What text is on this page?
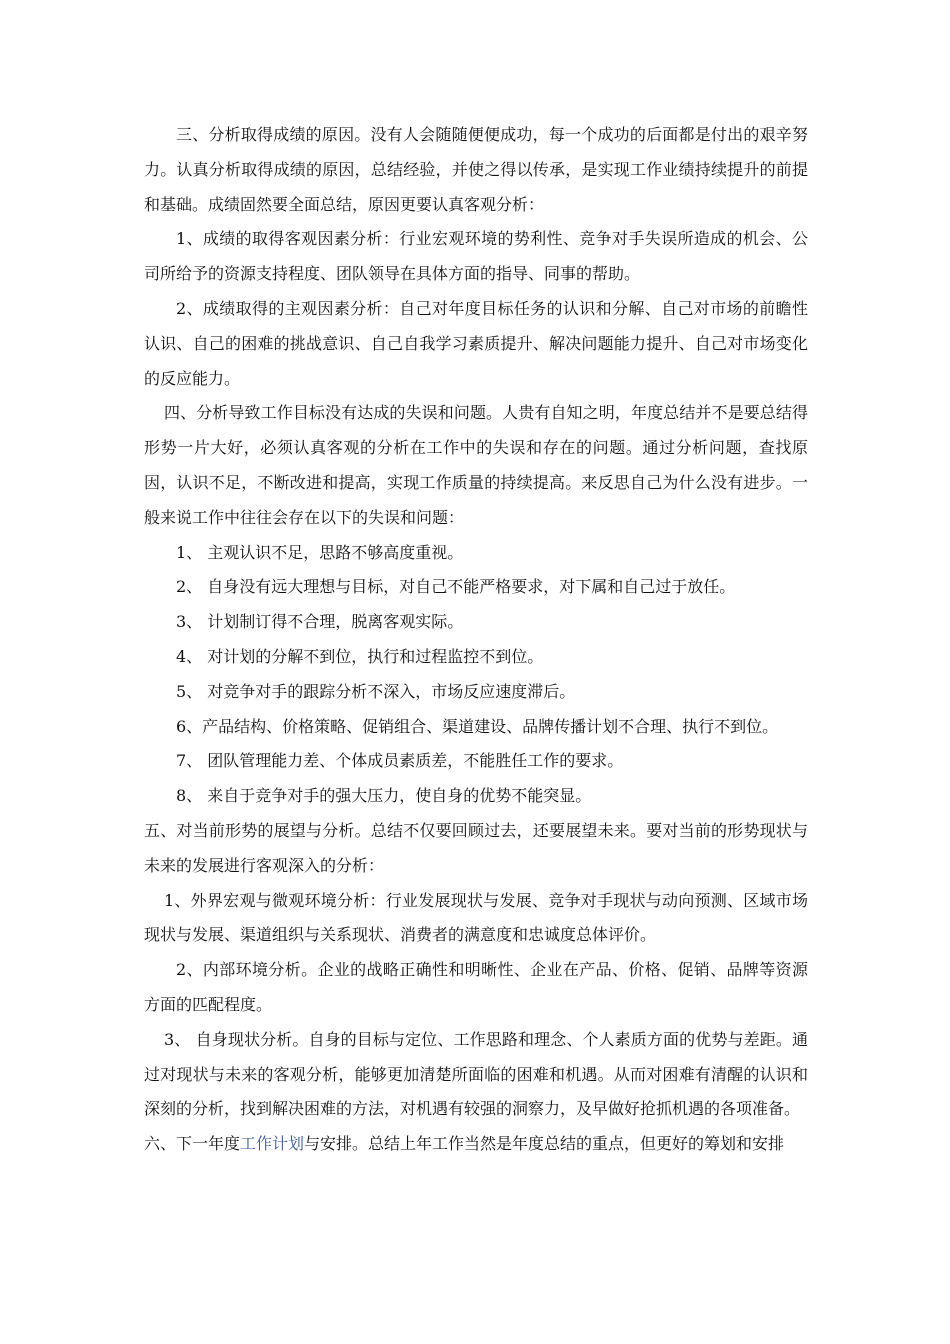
三、分析取得成绩的原因。没有人会随随便便成功，每一个成功的后面都是付出的艰辛努力。认真分析取得成绩的原因，总结经验，并使之得以传承，是实现工作业绩持续提升的前提和基础。成绩固然要全面总结，原因更要认真客观分析：

1、成绩的取得客观因素分析：行业宏观环境的势利性、竞争对手失误所造成的机会、公司所给予的资源支持程度、团队领导在具体方面的指导、同事的帮助。

2、成绩取得的主观因素分析：自己对年度目标任务的认识和分解、自己对市场的前瞻性认识、自己的困难的挑战意识、自己自我学习素质提升、解决问题能力提升、自己对市场变化的反应能力。

四、分析导致工作目标没有达成的失误和问题。人贵有自知之明，年度总结并不是要总结得形势一片大好，必须认真客观的分析在工作中的失误和存在的问题。通过分析问题，查找原因，认识不足，不断改进和提高，实现工作质量的持续提高。来反思自己为什么没有进步。一般来说工作中往往会存在以下的失误和问题：

1、 主观认识不足，思路不够高度重视。

2、 自身没有远大理想与目标，对自己不能严格要求，对下属和自己过于放任。

3、 计划制订得不合理，脱离客观实际。

4、 对计划的分解不到位，执行和过程监控不到位。

5、 对竞争对手的跟踪分析不深入，市场反应速度滞后。

6、产品结构、价格策略、促销组合、渠道建设、品牌传播计划不合理、执行不到位。

7、 团队管理能力差、个体成员素质差，不能胜任工作的要求。

8、 来自于竞争对手的强大压力，使自身的优势不能突显。

五、对当前形势的展望与分析。总结不仅要回顾过去，还要展望未来。要对当前的形势现状与未来的发展进行客观深入的分析：

1、外界宏观与微观环境分析：行业发展现状与发展、竞争对手现状与动向预测、区域市场现状与发展、渠道组织与关系现状、消费者的满意度和忠诚度总体评价。

2、内部环境分析。企业的战略正确性和明晰性、企业在产品、价格、促销、品牌等资源方面的匹配程度。

3、 自身现状分析。自身的目标与定位、工作思路和理念、个人素质方面的优势与差距。通过对现状与未来的客观分析，能够更加清楚所面临的困难和机遇。从而对困难有清醒的认识和深刻的分析，找到解决困难的方法，对机遇有较强的洞察力，及早做好抢抓机遇的各项准备。

六、下一年度工作计划与安排。总结上年工作当然是年度总结的重点，但更好的筹划和安排
